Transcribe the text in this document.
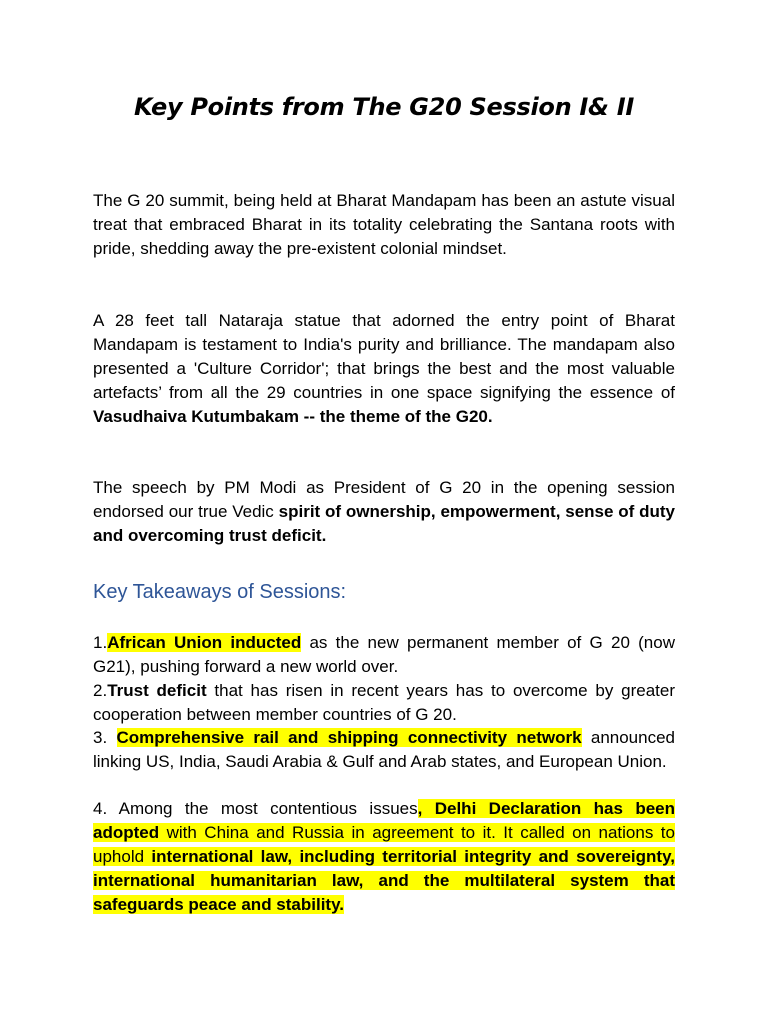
Key Points from The G20 Session I& II

The G 20 summit, being held at Bharat Mandapam has been an astute visual treat that embraced Bharat in its totality celebrating the Santana roots with pride, shedding away the pre-existent colonial mindset.

A 28 feet tall Nataraja statue that adorned the entry point of Bharat Mandapam is testament to India's purity and brilliance. The mandapam also presented a 'Culture Corridor'; that brings the best and the most valuable artefacts’ from all the 29 countries in one space signifying the essence of Vasudhaiva Kutumbakam -- the theme of the G20.

The speech by PM Modi as President of G 20 in the opening session endorsed our true Vedic spirit of ownership, empowerment, sense of duty and overcoming trust deficit.

Key Takeaways of Sessions:

1.African Union inducted as the new permanent member of G 20 (now G21), pushing forward a new world over.

2.Trust deficit that has risen in recent years has to overcome by greater cooperation between member countries of G 20.

3. Comprehensive rail and shipping connectivity network announced linking US, India, Saudi Arabia & Gulf and Arab states, and European Union.

4. Among the most contentious issues, Delhi Declaration has been adopted with China and Russia in agreement to it. It called on nations to uphold international law, including territorial integrity and sovereignty, international humanitarian law, and the multilateral system that safeguards peace and stability.
